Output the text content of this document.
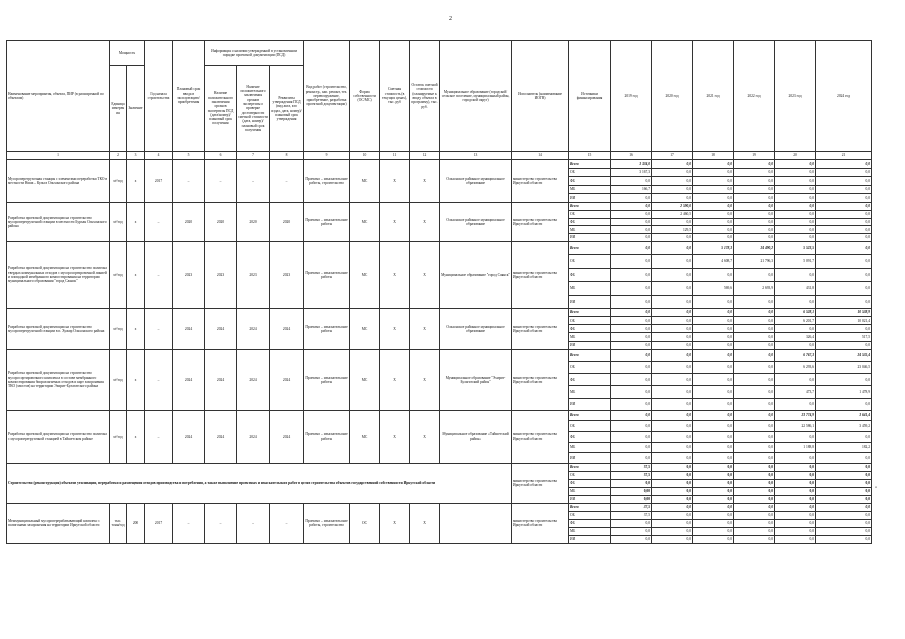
2
Наименование мероприятия, объекта, ПИР (в расширенной по объектам)	Мощность		Год начала строительства	Плановый срок ввода в эксплуатацию/приобретения	Информация о наличии утвержденной в установленном порядке проектной документации (ПСД)			Вид работ (строительство, реконстр., кап. ремонт, тех. перевооружение, приобретение, разработка проектной документации)	Форма собственности (ОС/МС)	Сметная стоимость (в текущих ценах), тыс. руб	Остаток сметной стоимости (планируемые к вводу объекта в программу), тыс. руб.	Муниципальное образование (городской/сельское поселение, муниципальный район, городской округ)	Исполнитель (наименование ИОГВ)	Источники финансирования	2019 год	2020 год	2021 год	2022 год	2023 год	2024 год
	Единица измерения	Значение			Наличие положительного заключения органов экспертизы ПСД (дата/номер)/плановый срок получения	Наличие положительного заключения органов экспертизы о проверке достоверности сметной стоимости (дата, номер)/плановый срок получения	Реквизиты утверждения ПСД (вид акта, кто издал, дата, номер)/плановый срок утверждения													

1	2	3	4	5	6	7	8	9	10	11	12	13	14	15	16	17	18	19	20	21
Мусороперегрузочная станция с элементами переработки ТКО в местности Нима – Кульга Ольхонского района	м³/год	х	2017	–	–	–	–	Проектно – изыскательские работы, строительство	МС	Х	Х	Ольхонское районное муниципальное образование	министерство строительства Иркутской области	Всего	3 334,0	0,0	0,0	0,0	0,0	0,0
														ОБ	3 167,3	0,0	0,0	0,0	0,0	0,0
														ФБ	0,0	0,0	0,0	0,0	0,0	0,0
														МБ	166,7	0,0	0,0	0,0	0,0	0,0
														ИИ	0,0	0,0	0,0	0,0	0,0	0,0
Разработка проектной документации на строительство мусороперегрузочной станции в местности Бурхан Ольхонского района	м³/год	х	–	2020	2020	2020	2020	Проектно – изыскательские работы	МС	Х	Х	Ольхонское районное муниципальное образование	министерство строительства Иркутской области	Всего	0,0	2 590,0	0,0	0,0	0,0	0,0
														ОБ	0,0	2 460,5	0,0	0,0	0,0	0,0
														ФБ	0,0	0,0	0,0	0,0	0,0	0,0
														МБ	0,0	129,5	0,0	0,0	0,0	0,0
														ИИ	0,0	0,0	0,0	0,0	0,0	0,0
Разработка проектной документации на строительство полигона твердых коммунальных отходов с мусоросортировочной линией и площадкой мембранного компостирования на территории муниципального образования "город Саянск"	м³/год	х	–	2023	2023	2023	2023	Проектно – изыскательские работы	МС	Х	Х	Муниципальное образование "город Саянск"	министерство строительства Иркутской области	Всего	0,0	0,0	5 178,3	24 490,2	5 523,5	0,0
														ОБ	0,0	0,0	4 608,7	21 796,3	5 091,7	0,0
														ФБ	0,0	0,0	0,0	0,0	0,0	0,0
														МБ	0,0	0,0	569,6	2 693,9	431,8	0,0
														ИИ	0,0	0,0	0,0	0,0	0,0	0,0
Разработка проектной документации на строительство мусороперегрузочной станции в п. Хужир Ольхонского района	м³/год	х	–	2024	2024	2024	2024	Проектно – изыскательские работы	МС	Х	Х	Ольхонское районное муниципальное образование	министерство строительства Иркутской области	Всего	0,0	0,0	0,0	0,0	6 528,1	10 538,9
														ОБ	0,0	0,0	0,0	0,0	6 201,7	10 021,4
														ФБ	0,0	0,0	0,0	0,0	0,0	0,0
														МБ	0,0	0,0	0,0	0,0	326,4	517,5
														ИИ	0,0	0,0	0,0	0,0	0,0	0,0
Разработка проектной документации на строительство мусоросортировочного комплекса в составе мембранного компостирования биоразлагаемых отходов и карт захоронения ТКО (хвостов) на территории Эхирит-Булагатского района	м³/год	х	–	2024	2024	2024	2024	Проектно – изыскательские работы	МС	Х	Х	Муниципальное образование "Эхирит-Булагатский район"	министерство строительства Иркутской области	Всего	0,0	0,0	0,0	0,0	6 767,3	24 535,4
														ОБ	0,0	0,0	0,0	0,0	6 293,6	23 046,5
														ФБ	0,0	0,0	0,0	0,0	0,0	0,0
														МБ	0,0	0,0	0,0	0,0	473,7	1 478,9
														ИИ	0,0	0,0	0,0	0,0	0,0	0,0
Разработка проектной документации на строительство полигона с мусороперегрузочной станцией в Тайшетском районе	м³/год	х	–	2024	2024	2024	2024	Проектно – изыскательские работы	МС	Х	Х	Муниципальное образование «Тайшетский район»	министерство строительства Иркутской области	Всего	0,0	0,0	0,0	0,0	23 774,9	3 641,4
														ОБ	0,0	0,0	0,0	0,0	22 586,1	3 459,2
														ФБ	0,0	0,0	0,0	0,0	0,0	0,0
														МБ	0,0	0,0	0,0	0,0	1 188,8	182,2
														ИИ	0,0	0,0	0,0	0,0	0,0	0,0
Строительство (реконструкция) объектов утилизации, переработки и размещения отходов производства и потребления, а также выполнение проектных и изыскательских работ в целях строительства объектов государственной собственности Иркутской области													министерство строительства Иркутской области	Всего	37,5	0,0	0,0	0,0	0,0	0,0
														ОБ	37,5	0,0	0,0	0,0	0,0	0,0
														ФБ	0,0	0,0	0,0	0,0	0,0	0,0
														МБ	0,00	0,0	0,0	0,0	0,0	0,0
														ИИ	0,00	0,0	0,0	0,0	0,0	0,0
Межмуниципальный мусороперерабатывающий комплекс с полигонами захоронения на территории Иркутской области	тыс. тонн/год	200	2017	–	–	–	–	Проектно – изыскательские работы, строительство	ОС	Х	Х		министерство строительства Иркутской области	Всего	37,5	0,0	0,0	0,0	0,0	0,0
														ОБ	37,5	0,0	0,0	0,0	0,0	0,0
														ФБ	0,0	0,0	0,0	0,0	0,0	0,0
														МБ	0,0	0,0	0,0	0,0	0,0	0,0
														ИИ	0,0	0,0	0,0	0,0	0,0	0,0
»
